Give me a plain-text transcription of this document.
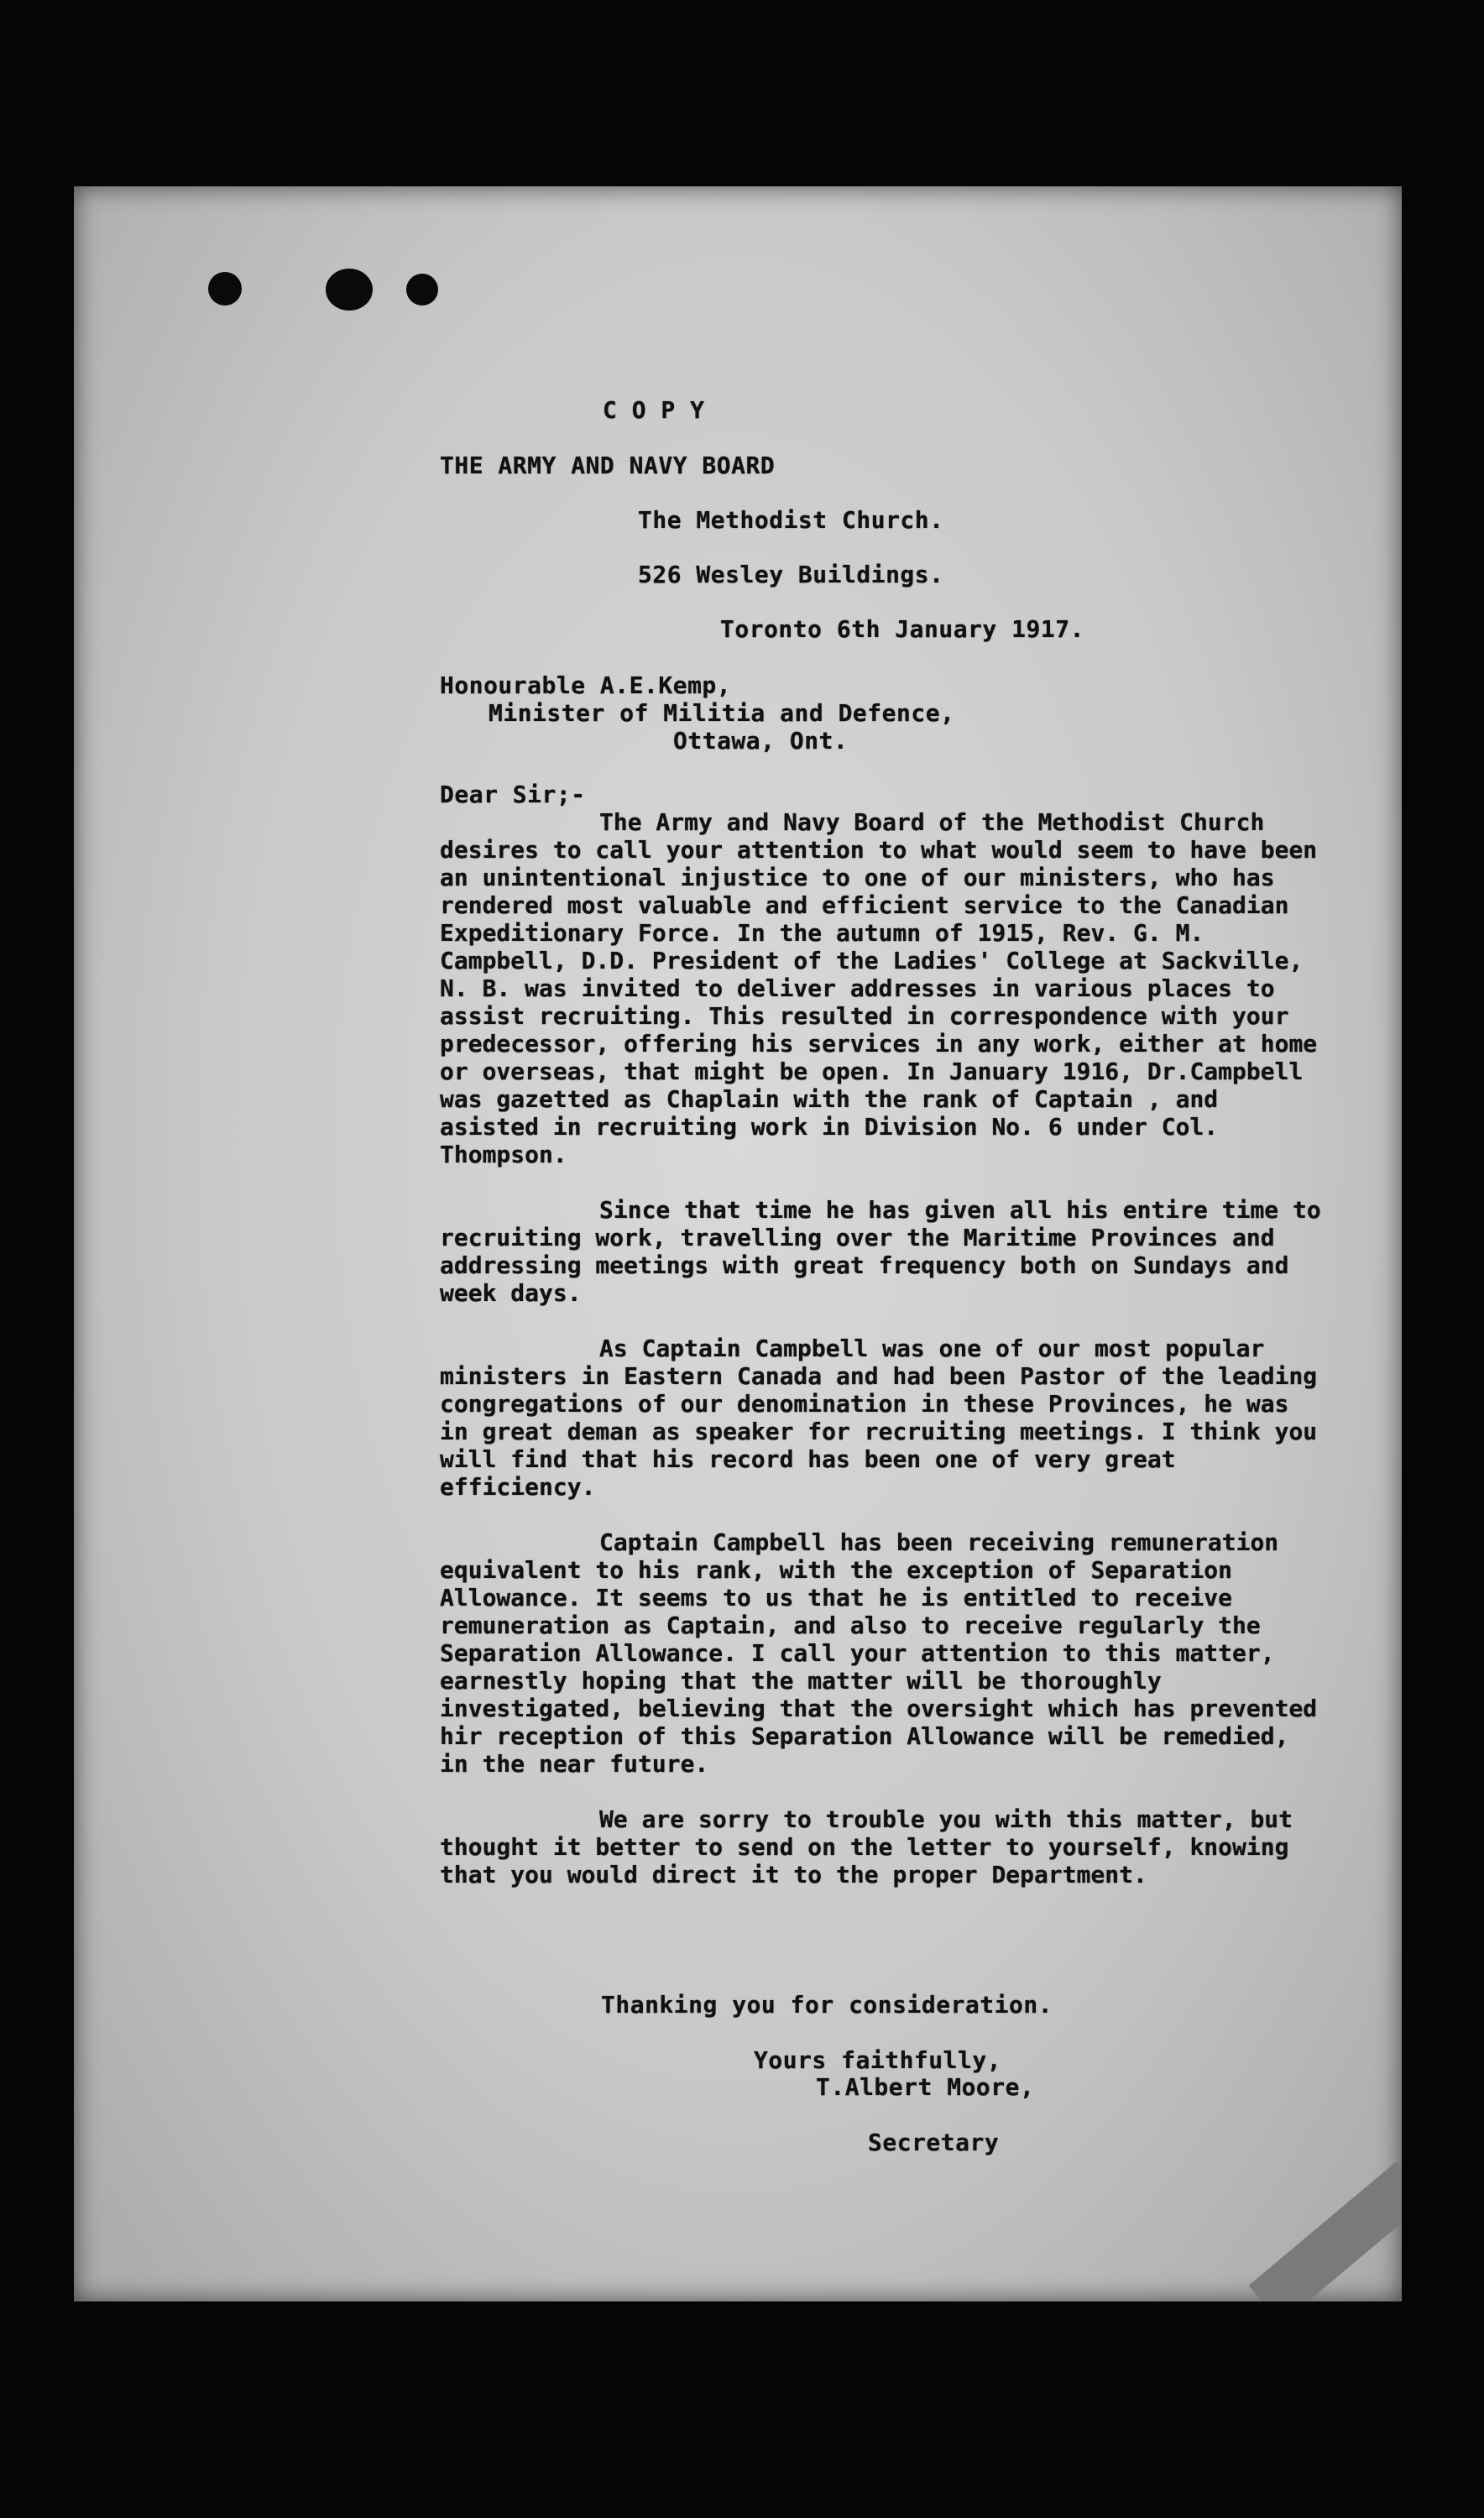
C O P Y
THE ARMY AND NAVY BOARD
The Methodist Church.
526 Wesley Buildings.
Toronto 6th January 1917.
Honourable A.E.Kemp,
Minister of Militia and Defence,
Ottawa, Ont.
Dear Sir;-

The Army and Navy Board of the Methodist Church desires to call your attention to what would seem to have been an unintentional injustice to one of our ministers, who has rendered most valuable and efficient service to the Canadian Expeditionary Force. In the autumn of 1915, Rev. G. M. Campbell, D.D. President of the Ladies' College at Sackville, N. B. was invited to deliver addresses in various places to assist recruiting. This resulted in correspondence with your predecessor, offering his services in any work, either at home or overseas, that might be open. In January 1916, Dr.Campbell was gazetted as Chaplain with the rank of Captain , and asisted in recruiting work in Division No. 6 under Col. Thompson.

Since that time he has given all his entire time to recruiting work, travelling over the Maritime Provinces and addressing meetings with great frequency both on Sundays and week days.

As Captain Campbell was one of our most popular ministers in Eastern Canada and had been Pastor of the leading congregations of our denomination in these Provinces, he was in great deman as speaker for recruiting meetings. I think you will find that his record has been one of very great efficiency.

Captain Campbell has been receiving remuneration equivalent to his rank, with the exception of Separation Allowance. It seems to us that he is entitled to receive remuneration as Captain, and also to receive regularly the Separation Allowance. I call your attention to this matter, earnestly hoping that the matter will be thoroughly investigated, believing that the oversight which has prevented hir reception of this Separation Allowance will be remedied, in the near future.

We are sorry to trouble you with this matter, but thought it better to send on the letter to yourself, knowing that you would direct it to the proper Department.

Thanking you for consideration.
Yours faithfully,
T.Albert Moore,
Secretary
